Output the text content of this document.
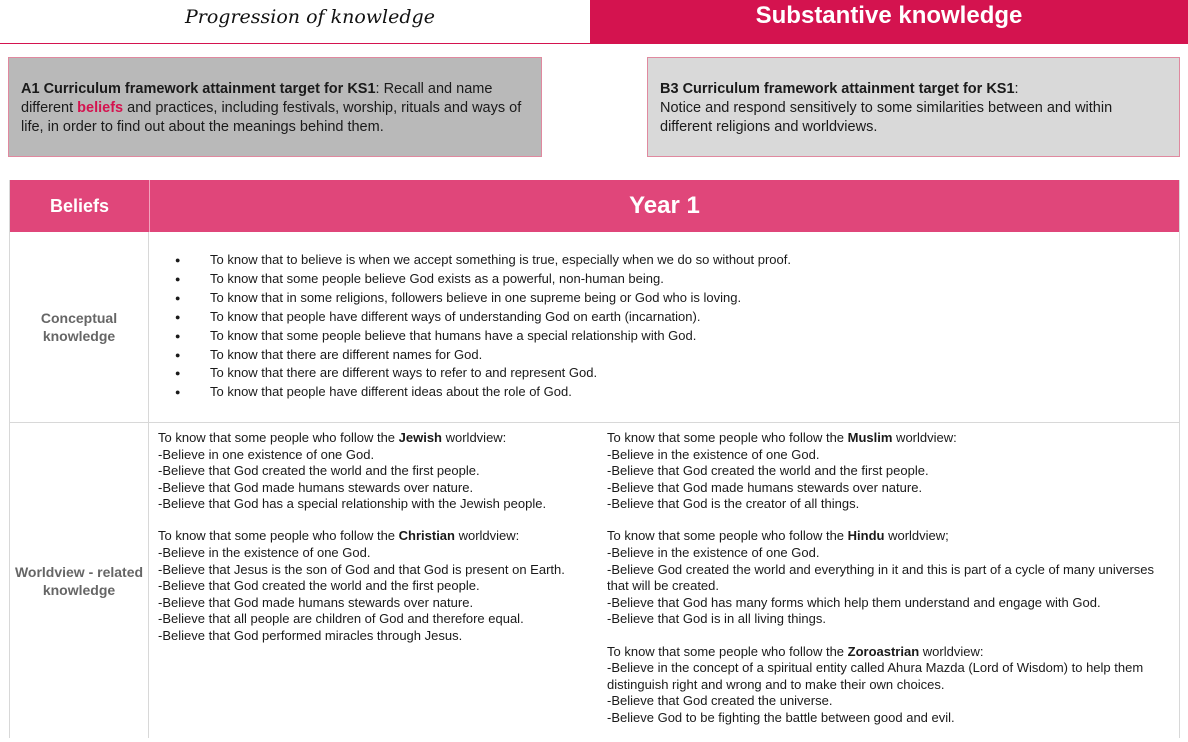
Progression of knowledge	Substantive knowledge
A1 Curriculum framework attainment target for KS1: Recall and name different beliefs and practices, including festivals, worship, rituals and ways of life, in order to find out about the meanings behind them.
B3 Curriculum framework attainment target for KS1:
Notice and respond sensitively to some similarities between and within different religions and worldviews.
Beliefs	Year 1
Conceptual knowledge
● To know that to believe is when we accept something is true, especially when we do so without proof.
● To know that some people believe God exists as a powerful, non-human being.
● To know that in some religions, followers believe in one supreme being or God who is loving.
● To know that people have different ways of understanding God on earth (incarnation).
● To know that some people believe that humans have a special relationship with God.
● To know that there are different names for God.
● To know that there are different ways to refer to and represent God.
● To know that people have different ideas about the role of God.
Worldview - related knowledge
To know that some people who follow the Jewish worldview:
-Believe in one existence of one God.
-Believe that God created the world and the first people.
-Believe that God made humans stewards over nature.
-Believe that God has a special relationship with the Jewish people.
To know that some people who follow the Christian worldview:
-Believe in the existence of one God.
-Believe that Jesus is the son of God and that God is present on Earth.
-Believe that God created the world and the first people.
-Believe that God made humans stewards over nature.
-Believe that all people are children of God and therefore equal.
-Believe that God performed miracles through Jesus.
To know that some people who follow the Muslim worldview:
-Believe in the existence of one God.
-Believe that God created the world and the first people.
-Believe that God made humans stewards over nature.
-Believe that God is the creator of all things.
To know that some people who follow the Hindu worldview;
-Believe in the existence of one God.
-Believe God created the world and everything in it and this is part of a cycle of many universes that will be created.
-Believe that God has many forms which help them understand and engage with God.
-Believe that God is in all living things.
To know that some people who follow the Zoroastrian worldview:
-Believe in the concept of a spiritual entity called Ahura Mazda (Lord of Wisdom) to help them distinguish right and wrong and to make their own choices.
-Believe that God created the universe.
-Believe God to be fighting the battle between good and evil.
